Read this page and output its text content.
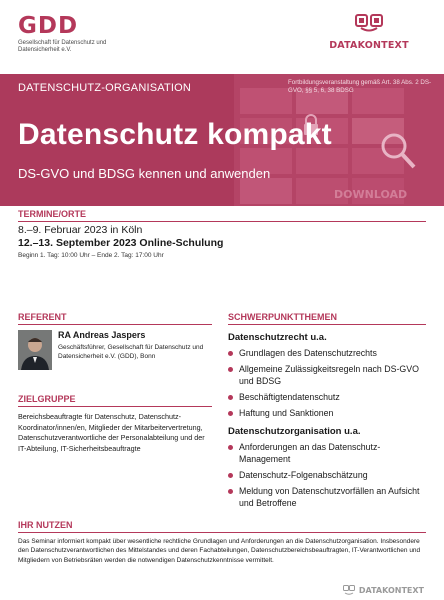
GDD
Gesellschaft für Datenschutz und Datensicherheit e.V.	DATAKONTEXT
DOWNLOAD
DATENSCHUTZ-ORGANISATION	Fortbildungsveranstaltung gemäß Art. 38 Abs. 2 DS-GVO, §§ 5, 6, 38 BDSG
Datenschutz kompakt
DS-GVO und BDSG kennen und anwenden
TERMINE/ORTE
8.–9. Februar 2023 in Köln
12.–13. September 2023 Online-Schulung
Beginn 1. Tag: 10:00 Uhr – Ende 2. Tag: 17:00 Uhr
REFERENT
RA Andreas Jaspers
Geschäftsführer, Gesellschaft für Datenschutz und Datensicherheit e.V. (GDD), Bonn
ZIELGRUPPE
Bereichsbeauftragte für Datenschutz, Datenschutz-Koordinator/innen/en, Mitglieder der Mitarbeitervertretung, Datenschutzverantwortliche der Personalabteilung und der IT-Abteilung, IT-Sicherheitsbeauftragte
SCHWERPUNKTTHEMEN
Datenschutzrecht u.a.
Grundlagen des Datenschutzrechts
Allgemeine Zulässigkeitsregeln nach DS-GVO und BDSG
Beschäftigtendatenschutz
Haftung und Sanktionen
Datenschutzorganisation u.a.
Anforderungen an das Datenschutz-Management
Datenschutz-Folgenabschätzung
Meldung von Datenschutzvorfällen an Aufsicht und Betroffene
IHR NUTZEN
Das Seminar informiert kompakt über wesentliche rechtliche Grundlagen und Anforderungen an die Datenschutzorganisation. Insbesondere den Datenschutzverantwortlichen des Mittelstandes und deren Fachabteilungen, Datenschutzbereichsbeauftragten, IT-Verantwortlichen und Mitgliedern von Betriebsräten werden die notwendigen Datenschutzkenntnisse vermittelt.
DATAKONTEXT
